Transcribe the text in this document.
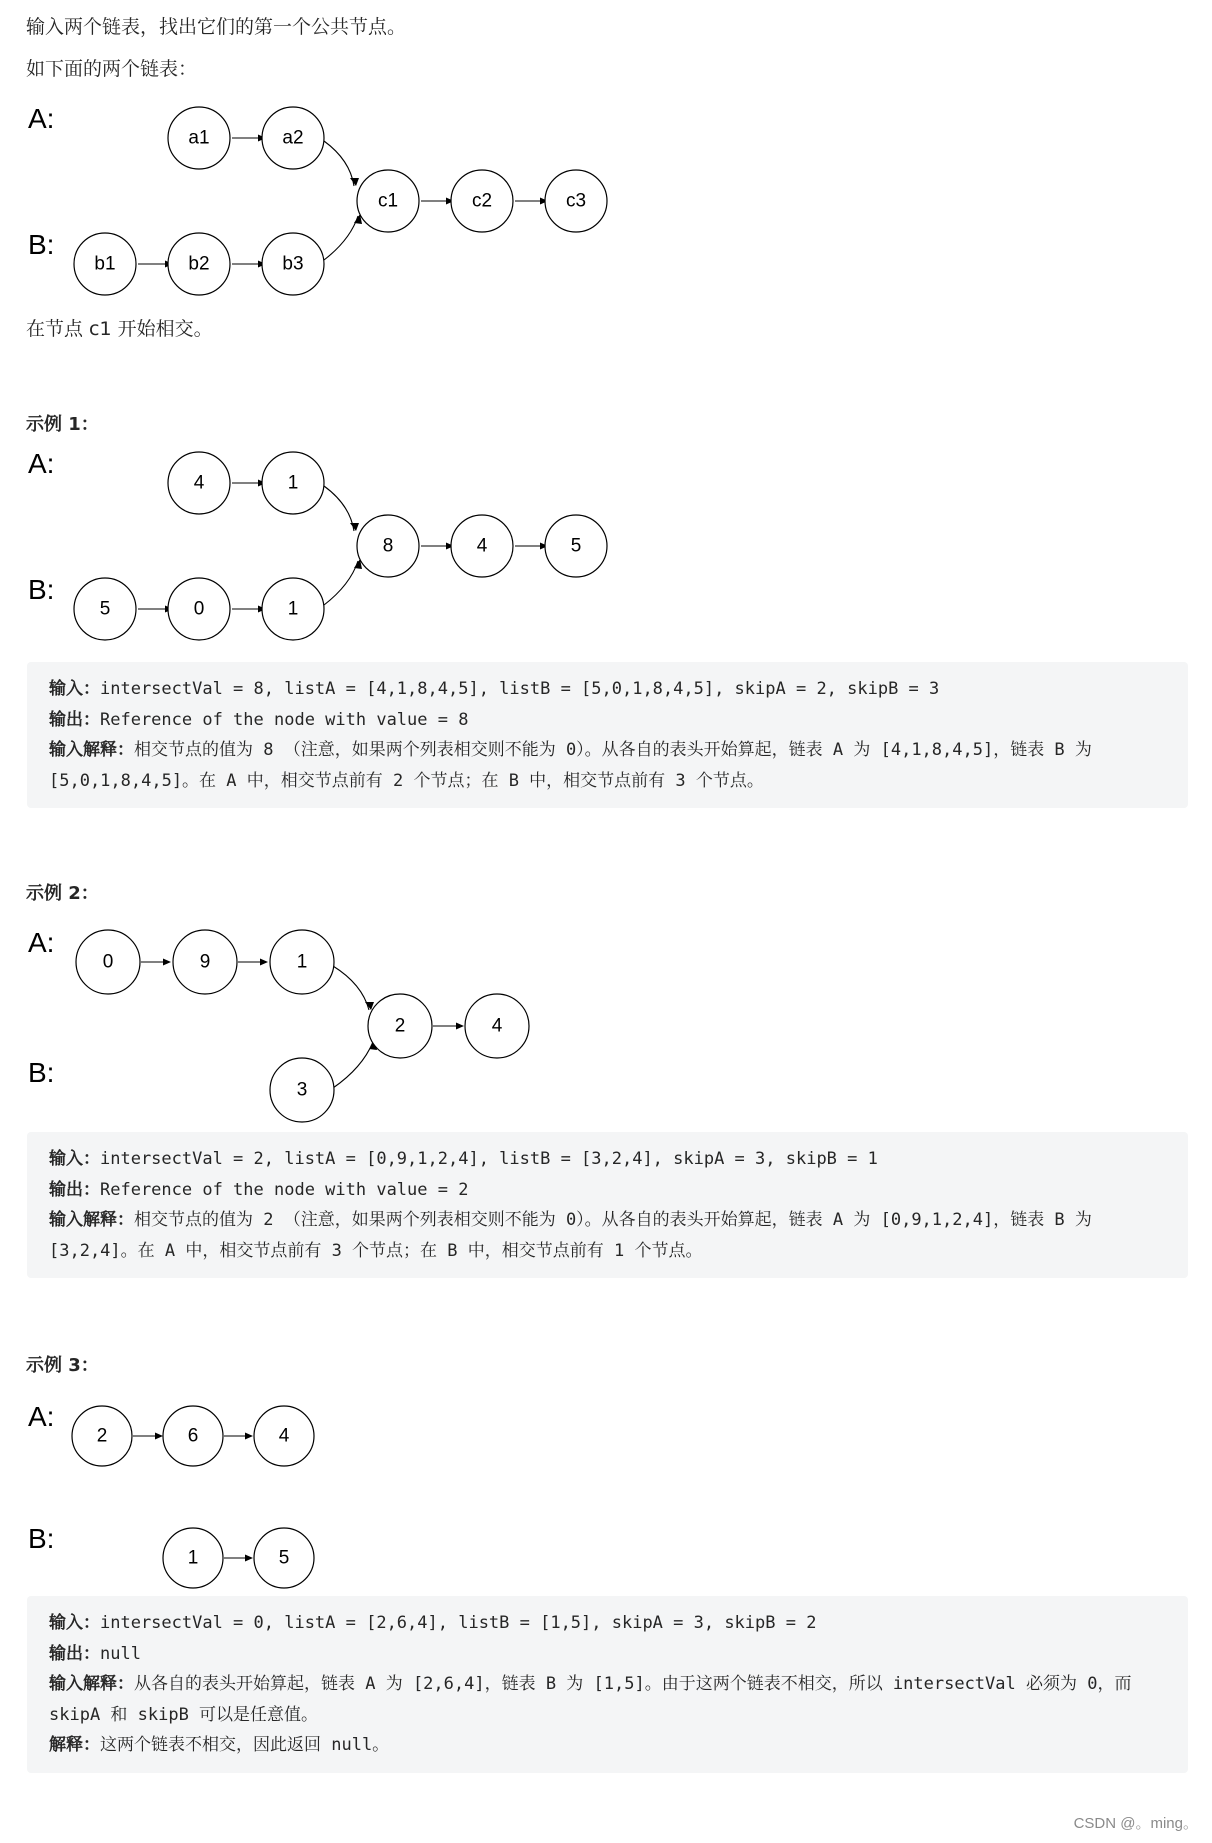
输入两个链表，找出它们的第一个公共节点。

如下面的两个链表：

A:
B:
a1	a2
b1	b2	b3
c1	c2	c3

在节点 c1 开始相交。

示例 1：

A:
B:
4	1
5	0	1
8	4	5
输入：intersectVal = 8, listA = [4,1,8,4,5], listB = [5,0,1,8,4,5], skipA = 2, skipB = 3
输出：Reference of the node with value = 8
输入解释：相交节点的值为 8 （注意，如果两个列表相交则不能为 0）。从各自的表头开始算起，链表 A 为 [4,1,8,4,5]，链表 B 为 [5,0,1,8,4,5]。在 A 中，相交节点前有 2 个节点；在 B 中，相交节点前有 3 个节点。

示例 2：

A:
B:
0	9	1
3
2	4
输入：intersectVal = 2, listA = [0,9,1,2,4], listB = [3,2,4], skipA = 3, skipB = 1
输出：Reference of the node with value = 2
输入解释：相交节点的值为 2 （注意，如果两个列表相交则不能为 0）。从各自的表头开始算起，链表 A 为 [0,9,1,2,4]，链表 B 为 [3,2,4]。在 A 中，相交节点前有 3 个节点；在 B 中，相交节点前有 1 个节点。

示例 3：

A:
B:
2	6	4
1	5
输入：intersectVal = 0, listA = [2,6,4], listB = [1,5], skipA = 3, skipB = 2
输出：null
输入解释：从各自的表头开始算起，链表 A 为 [2,6,4]，链表 B 为 [1,5]。由于这两个链表不相交，所以 intersectVal 必须为 0，而 skipA 和 skipB 可以是任意值。
解释：这两个链表不相交，因此返回 null。
CSDN @。ming。
